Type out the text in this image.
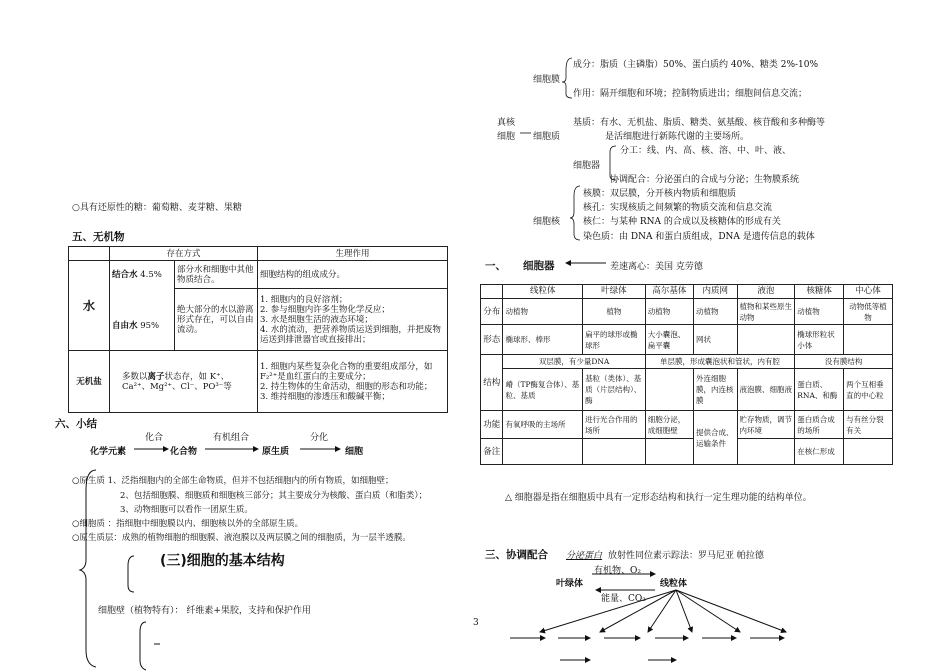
○具有还原性的糖：葡萄糖、麦芽糖、果糖
五、无机物
	存在方式		生理作用
水	结合水 4.5%	部分水和细胞中其他物质结合。	细胞结构的组成成分。
	自由水 95%	绝大部分的水以游离形式存在，可以自由流动。	1. 细胞内的良好溶剂；
2. 参与细胞内许多生物化学反应；
3. 水是细胞生活的液态环境；
4. 水的流动，把营养物质运送到细胞，并把废物运送到排泄器官或直接排出；

无机盐	多数以离子状态存，如 K⁺、Ca²⁺、Mg²⁺、Cl⁻、PO³⁻等		1. 细胞内某些复杂化合物的重要组成部分，如 F₂²⁺是血红蛋白的主要成分；
2. 持生物体的生命活动，细胞的形态和功能；
3. 维持细胞的渗透压和酸碱平衡；
六、小结
化合	有机组合	分化
化学元素	化合物	原生质	细胞
○原生质 1、泛指细胞内的全部生命物质，但并不包括细胞内的所有物质，如细胞壁；
2、包括细胞膜、细胞质和细胞核三部分；其主要成分为核酸、蛋白质（和脂类）；
3、动物细胞可以看作一团原生质。
○细胞质 ：指细胞中细胞膜以内、细胞核以外的全部原生质。
○原生质层：成熟的植物细胞的细胞膜、液泡膜以及两层膜之间的细胞质，为一层半透膜。
(三)细胞的基本结构
细胞壁（植物特有）： 纤维素+果胶，支持和保护作用
3
成分：脂质（主磷脂）50%、蛋白质约 40%、糖类 2%-10%
细胞膜
作用：隔开细胞和环境；控制物质进出；细胞间信息交流；
真核
细胞 细胞质
基质：有水、无机盐、脂质、糖类、氨基酸、核苷酸和多种酶等
是活细胞进行新陈代谢的主要场所。
分工：线、内、高、核、溶、中、叶、液、
细胞器
协调配合：分泌蛋白的合成与分泌；生物膜系统
核膜：双层膜，分开核内物质和细胞质
核孔：实现核质之间频繁的物质交流和信息交流
细胞核	核仁：与某种 RNA 的合成以及核糖体的形成有关
染色质：由 DNA 和蛋白质组成，DNA 是遗传信息的载体
一、 细胞器	差速离心：美国 克劳德
	线粒体	叶绿体	高尔基体	内质网	液泡	核糖体	中心体
分布	动植物	植物	动植物	动植物	植物和某些原生动物	动植物	动物低等植物
形态	椭球形、棒形	扁平的球形或椭球形	大小囊泡、扁平囊	网状		椭球形粒状小体	
结构	双层膜，有少量DNA		单层膜，形成囊泡状和管状，内有腔			没有膜结构	
	嵴（TP酶复合体）、基粒、基质	基粒（类体）、基质（片层结构）、酶		外连细胞膜，内连核膜	液泡膜、细胞液	蛋白质、RNA、和酶	两个互相垂直的中心粒
功能	有氧呼吸的主场所	进行光合作用的场所	细胞分泌，成细胞壁	提供合成、运输条件	贮存物质，调节内环境	蛋白质合成的场所	与有丝分裂有关
备注						在核仁形成	
△ 细胞器是指在细胞质中具有一定形态结构和执行一定生理功能的结构单位。
三、协调配合 分泌蛋白 放射性同位素示踪法：罗马尼亚 帕拉德
有机物、O₂
叶绿体	线粒体
能量、CO₂
